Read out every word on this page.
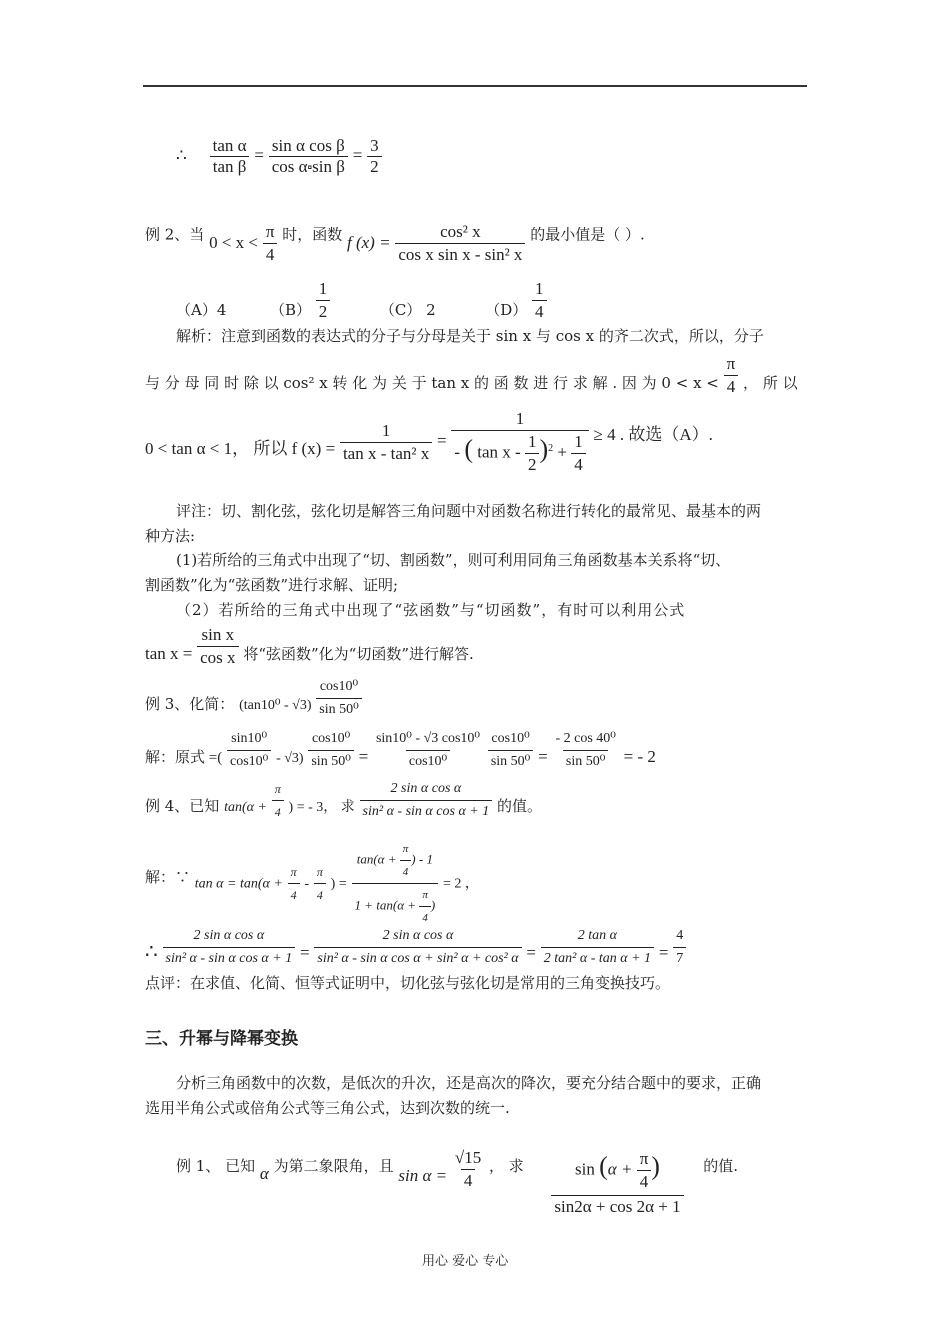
∴ $\frac{\text{tan α}}{\text{tan β}} = \frac{\text{sin α cos β}}{\text{cos α⬞sin β}} = \frac{3}{2}$
例 2、当 $0 < x < \frac{\pi}{4}$ 时，函数 f $(x) = \frac{\text{cos² x}}{\text{cos x sin x - sin² x}}$ 的最小值是（ ）.
（A）4	$(B) \frac{1}{2}$	（C） 2	$(D) \frac{1}{4}$
解析：注意到函数的表达式的分子与分母是关于 sin x 与 cos x 的齐二次式，所以，分子
与 分 母 同 时 除 以 cos² x 转 化 为 关 于 tan x 的 函 数 进 行 求 解 . 因 为 $0 < x < \frac{\pi}{4}$ ， 所 以
0 < tan α < 1， 所以 f $(x) = \frac{1}{\text{tan x - tan² x}}$ =
1
- ( $\tan x - \frac{1}{2} )^2 + \frac{1}{4} \ge 4$ . 故选（A）.
评注：切、割化弦，弦化切是解答三角问题中对函数名称进行转化的最常见、最基本的两
种方法:
(1)若所给的三角式中出现了“切、割函数”，则可利用同角三角函数基本关系将“切、
割函数”化为“弦函数”进行求解、证明;
（2）若所给的三角式中出现了“弦函数”与“切函数”，有时可以利用公式
$\tan x = \frac{\text{sin x}}{\text{cos x}}$ 将“弦函数”化为“切函数”进行解答.
例 3、化简： $(\tan 10^0 - √3) \frac{\text{cos10⁰}}{\text{sin 50⁰}}$
解：原式 =( $\frac{\text{sin10⁰}}{\text{cos10⁰}} - √3) \frac{\text{cos10⁰}}{\text{sin 50⁰}} = \frac{\text{sin10⁰ - √3 cos10⁰}}{\text{cos10⁰}}$
$\frac{\text{cos10⁰}}{\text{sin 50⁰}} = \frac{\text{- 2 cos 40⁰}}{\text{sin 50⁰}}$ = - 2
例 4、已知 $\tan(\alpha + \frac{\pi}{4}$ ) = - 3， 求 $\frac{\text{2 sin α cos α}}{\text{sin² α - sin α cos α + 1}}$ 的值。
解：∵ $\tan \alpha = \tan(\alpha + \frac{\pi}{4} - \frac{\pi}{4}$ ) = $\frac{\tan(\alpha + \frac{\pi}{4} ) - 1}{1 + \tan(\alpha + \frac{\pi}{4} )} = 2$ ，
∴ $\frac{\text{2 sin α cos α}}{\text{sin² α - sin α cos α + 1}} = \frac{\text{2 sin α cos α}}{\text{sin² α - sin α cos α + sin² α + cos² α}} = \frac{\text{2 tan α}}{\text{2 tan² α - tan α + 1}} = \frac{4}{7}$
点评：在求值、化简、恒等式证明中，切化弦与弦化切是常用的三角变换技巧。
三、升幂与降幂变换
分析三角函数中的次数，是低次的升次，还是高次的降次，要充分结合题中的要求，正确
选用半角公式或倍角公式等三角公式，达到次数的统一.
例 1、 已知 α 为第二象限角，且 $\sin \alpha = \frac{√15}{4}$ ， 求 $\frac{\sin (\alpha + \frac{\pi}{4} )}{\sin 2\alpha + \cos 2\alpha + 1}$ 的值.
用心 爱心 专心
